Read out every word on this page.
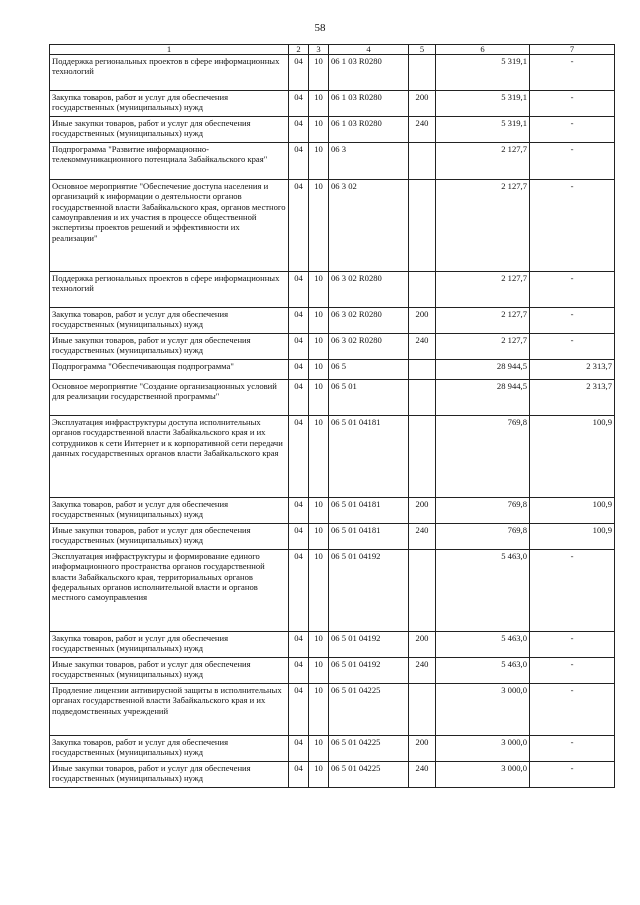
58
1	2	3	4	5	6	7
Поддержка региональных проектов в сфере информационных технологий	04	10	06 1 03 R0280		5 319,1	-
Закупка товаров, работ и услуг для обеспечения государственных (муниципальных) нужд	04	10	06 1 03 R0280	200	5 319,1	-
Иные закупки товаров, работ и услуг для обеспечения государственных (муниципальных) нужд	04	10	06 1 03 R0280	240	5 319,1	-
Подпрограмма "Развитие информационно-телекоммуникационного потенциала Забайкальского края"	04	10	06 3		2 127,7	-
Основное мероприятие "Обеспечение доступа населения и организаций к информации о деятельности органов государственной власти Забайкальского края, органов местного самоуправления и их участия в процессе общественной экспертизы проектов решений и эффективности их реализации"	04	10	06 3 02		2 127,7	-
Поддержка региональных проектов в сфере информационных технологий	04	10	06 3 02 R0280		2 127,7	-
Закупка товаров, работ и услуг для обеспечения государственных (муниципальных) нужд	04	10	06 3 02 R0280	200	2 127,7	-
Иные закупки товаров, работ и услуг для обеспечения государственных (муниципальных) нужд	04	10	06 3 02 R0280	240	2 127,7	-
Подпрограмма "Обеспечивающая подпрограмма"	04	10	06 5		28 944,5	2 313,7
Основное мероприятие "Создание организационных условий для реализации государственной программы"	04	10	06 5 01		28 944,5	2 313,7
Эксплуатация инфраструктуры доступа исполнительных органов государственной власти Забайкальского края и их сотрудников к сети Интернет и к корпоративной сети передачи данных государственных органов власти Забайкальского края	04	10	06 5 01 04181		769,8	100,9
Закупка товаров, работ и услуг для обеспечения государственных (муниципальных) нужд	04	10	06 5 01 04181	200	769,8	100,9
Иные закупки товаров, работ и услуг для обеспечения государственных (муниципальных) нужд	04	10	06 5 01 04181	240	769,8	100,9
Эксплуатация инфраструктуры и формирование единого информационного пространства органов государственной власти Забайкальского края, территориальных органов федеральных органов исполнительной власти и органов местного самоуправления	04	10	06 5 01 04192		5 463,0	-
Закупка товаров, работ и услуг для обеспечения государственных (муниципальных) нужд	04	10	06 5 01 04192	200	5 463,0	-
Иные закупки товаров, работ и услуг для обеспечения государственных (муниципальных) нужд	04	10	06 5 01 04192	240	5 463,0	-
Продление лицензии антивирусной защиты в исполнительных органах государственной власти Забайкальского края и их подведомственных учреждений	04	10	06 5 01 04225		3 000,0	-
Закупка товаров, работ и услуг для обеспечения государственных (муниципальных) нужд	04	10	06 5 01 04225	200	3 000,0	-
Иные закупки товаров, работ и услуг для обеспечения государственных (муниципальных) нужд	04	10	06 5 01 04225	240	3 000,0	-
